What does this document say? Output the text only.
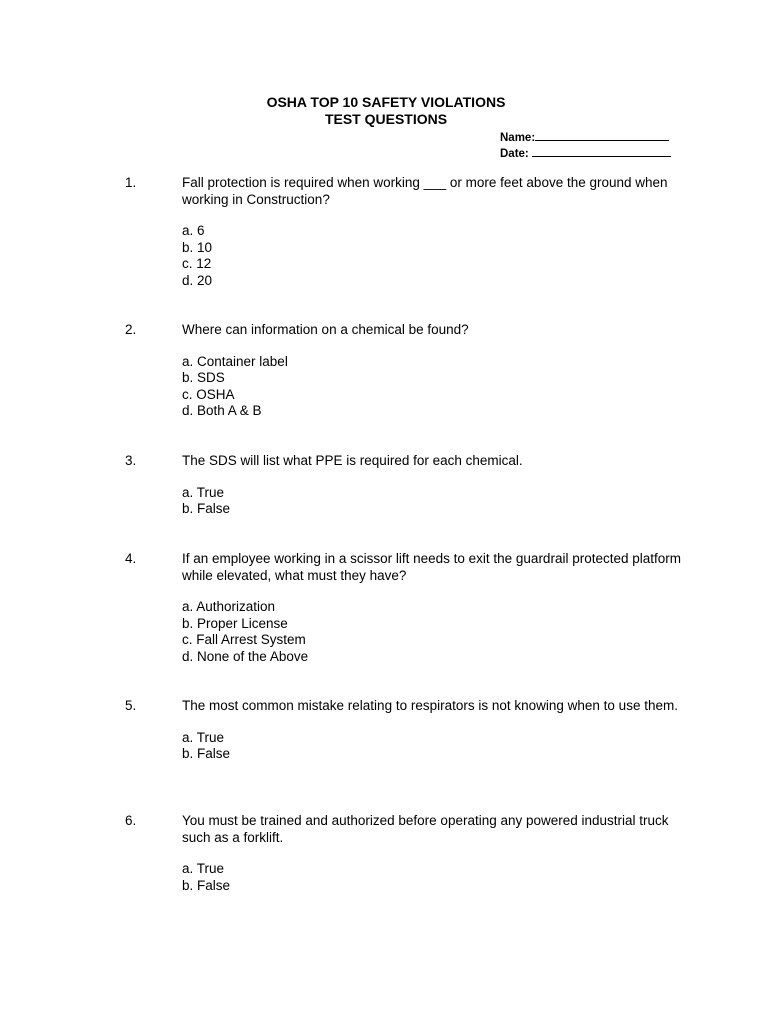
OSHA TOP 10 SAFETY VIOLATIONS
TEST QUESTIONS
Name:
Date:
1.	Fall protection is required when working ___ or more feet above the ground when working in Construction?

a. 6
b. 10
c. 12
d. 20
2.	Where can information on a chemical be found?

a. Container label
b. SDS
c. OSHA
d. Both A & B
3.	The SDS will list what PPE is required for each chemical.

a. True
b. False
4.	If an employee working in a scissor lift needs to exit the guardrail protected platform while elevated, what must they have?

a. Authorization
b. Proper License
c. Fall Arrest System
d. None of the Above
5.	The most common mistake relating to respirators is not knowing when to use them.

a. True
b. False
6.	You must be trained and authorized before operating any powered industrial truck such as a forklift.

a. True
b. False
